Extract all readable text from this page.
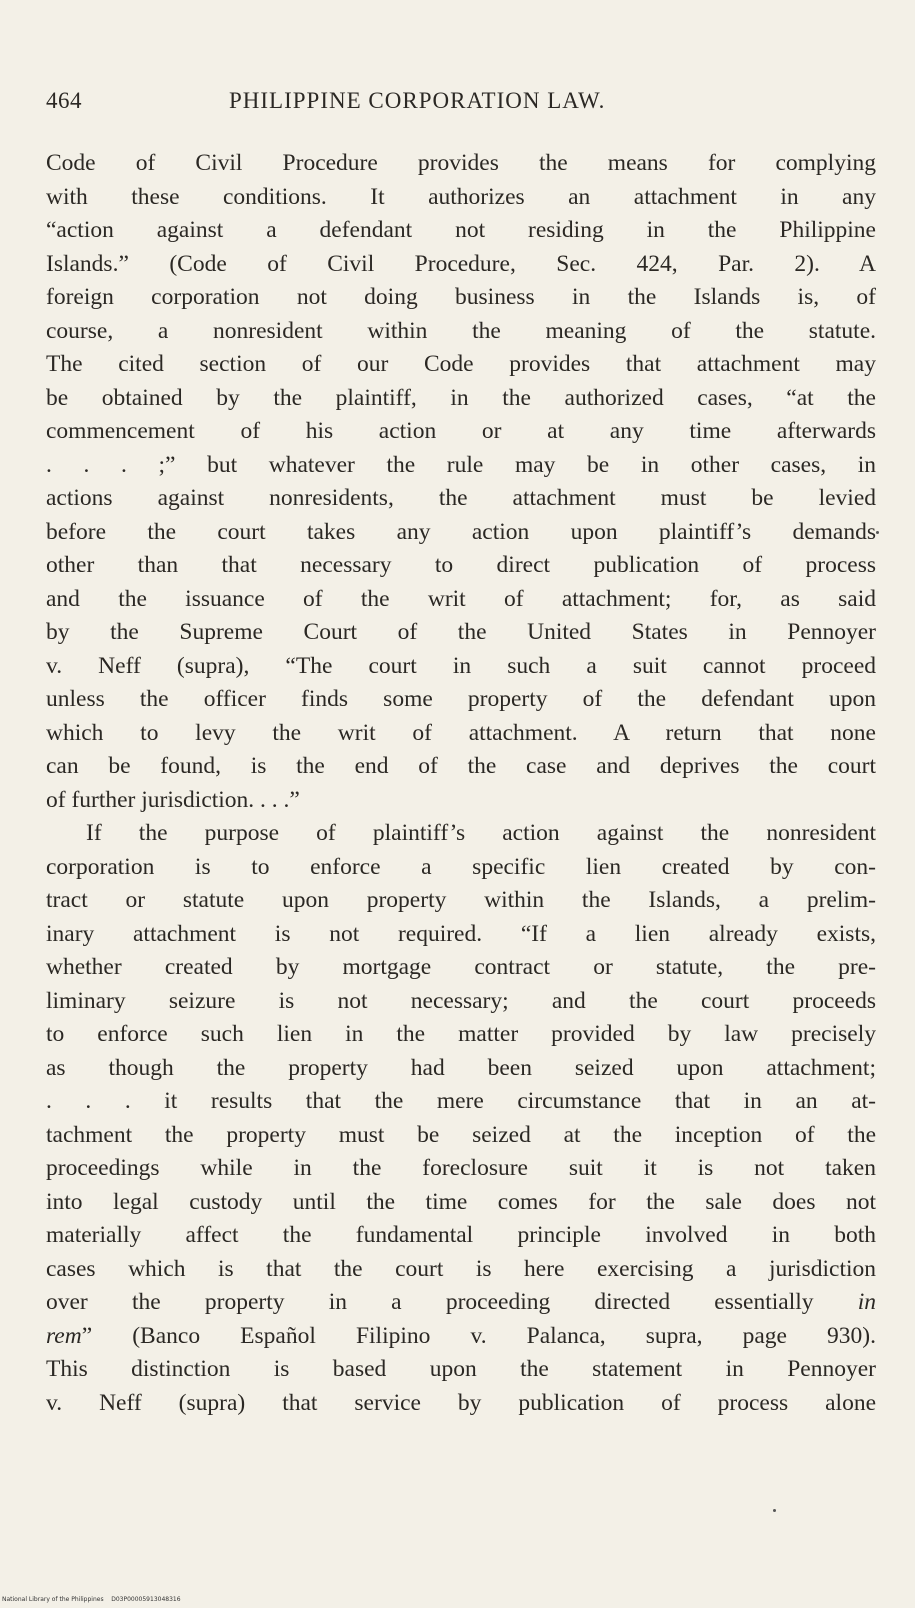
464	PHILIPPINE CORPORATION LAW.
Code of Civil Procedure provides the means for complying
with these conditions. It authorizes an attachment in any
“action against a defendant not residing in the Philippine
Islands.” (Code of Civil Procedure, Sec. 424, Par. 2). A
foreign corporation not doing business in the Islands is, of
course, a nonresident within the meaning of the statute.
The cited section of our Code provides that attachment may
be obtained by the plaintiff, in the authorized cases, “at the
commencement of his action or at any time afterwards
. . . ;” but whatever the rule may be in other cases, in
actions against nonresidents, the attachment must be levied
before the court takes any action upon plaintiff’s demands
other than that necessary to direct publication of process
and the issuance of the writ of attachment; for, as said
by the Supreme Court of the United States in Pennoyer
v. Neff (supra), “The court in such a suit cannot proceed
unless the officer finds some property of the defendant upon
which to levy the writ of attachment. A return that none
can be found, is the end of the case and deprives the court
of further jurisdiction. . . .”
If the purpose of plaintiff’s action against the nonresident
corporation is to enforce a specific lien created by con-
tract or statute upon property within the Islands, a prelim-
inary attachment is not required. “If a lien already exists,
whether created by mortgage contract or statute, the pre-
liminary seizure is not necessary; and the court proceeds
to enforce such lien in the matter provided by law precisely
as though the property had been seized upon attachment;
. . . it results that the mere circumstance that in an at-
tachment the property must be seized at the inception of the
proceedings while in the foreclosure suit it is not taken
into legal custody until the time comes for the sale does not
materially affect the fundamental principle involved in both
cases which is that the court is here exercising a jurisdiction
over the property in a proceeding directed essentially in
rem” (Banco Español Filipino v. Palanca, supra, page 930).
This distinction is based upon the statement in Pennoyer
v. Neff (supra) that service by publication of process alone
National Library of the Philippines D03P00005913048316
